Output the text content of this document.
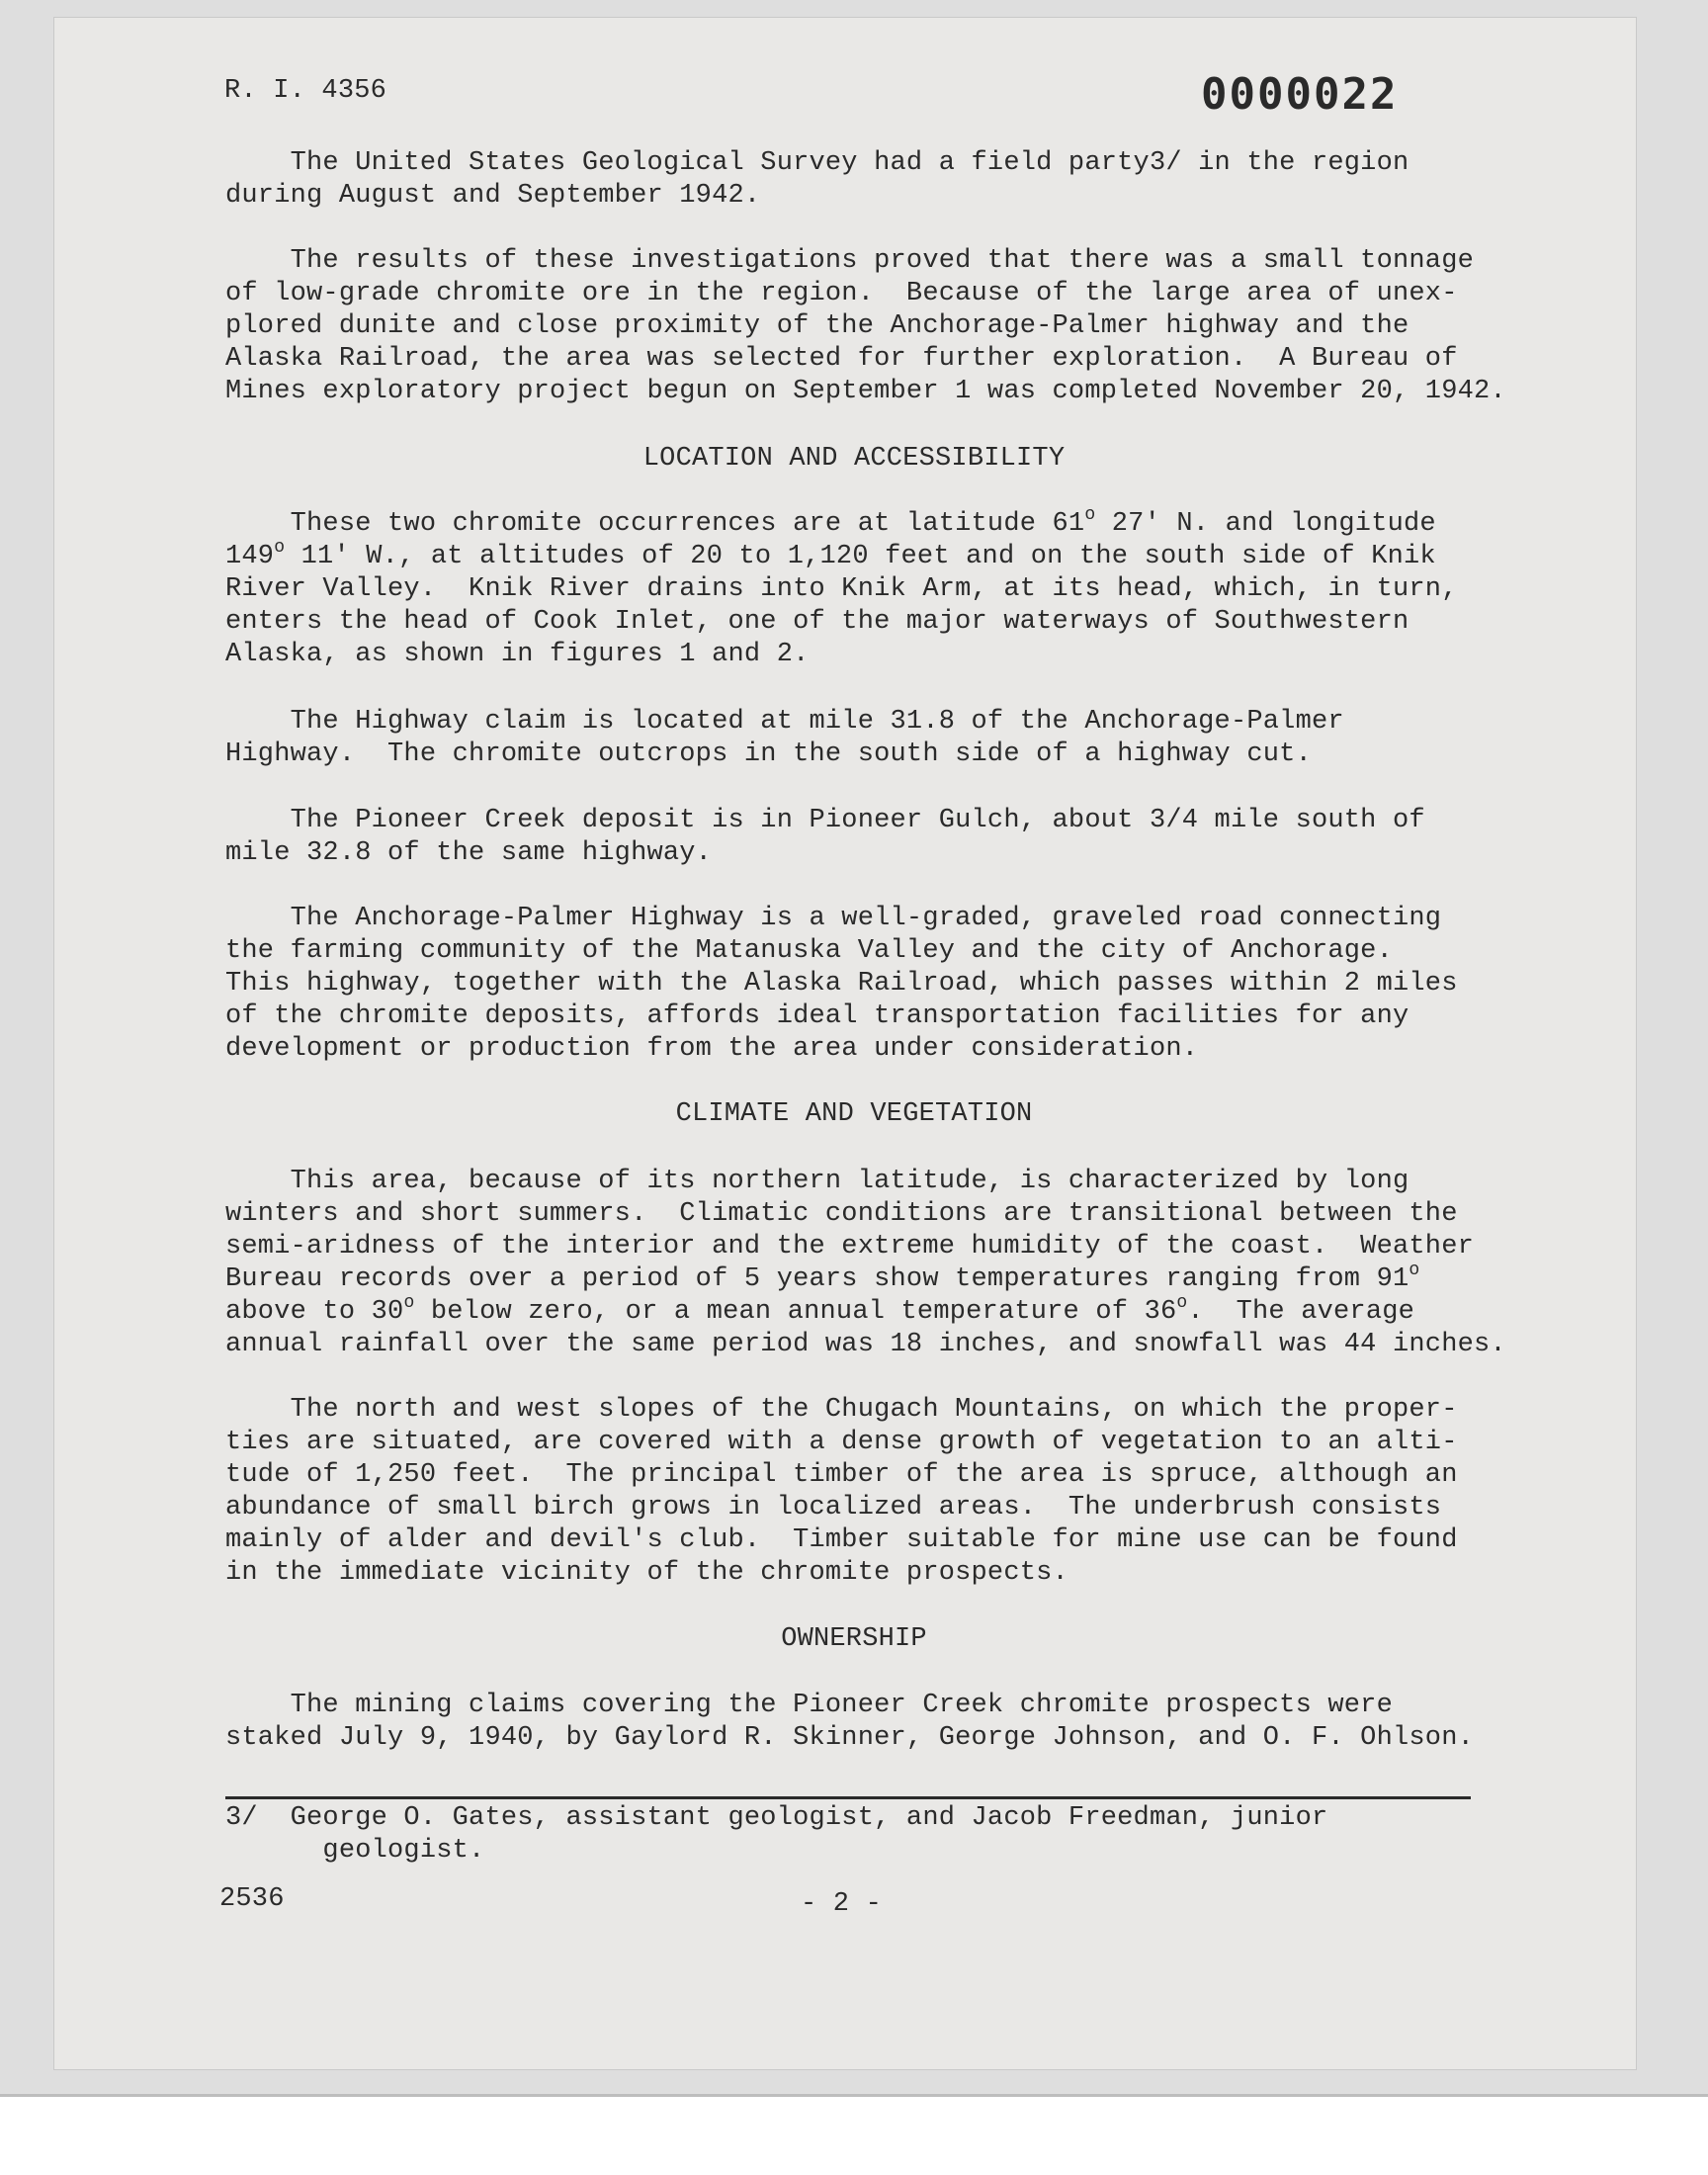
R. I. 4356	0000022
The United States Geological Survey had a field party3/ in the region
during August and September 1942.
The results of these investigations proved that there was a small tonnage
of low-grade chromite ore in the region.  Because of the large area of unex-
plored dunite and close proximity of the Anchorage-Palmer highway and the
Alaska Railroad, the area was selected for further exploration.  A Bureau of
Mines exploratory project begun on September 1 was completed November 20, 1942.
LOCATION AND ACCESSIBILITY
These two chromite occurrences are at latitude 61$^o$ 27' N. and longitude
149$^o$ 11' W., at altitudes of 20 to 1,120 feet and on the south side of Knik
River Valley.  Knik River drains into Knik Arm, at its head, which, in turn,
enters the head of Cook Inlet, one of the major waterways of Southwestern
Alaska, as shown in figures 1 and 2.
The Highway claim is located at mile 31.8 of the Anchorage-Palmer
Highway.  The chromite outcrops in the south side of a highway cut.
The Pioneer Creek deposit is in Pioneer Gulch, about 3/4 mile south of
mile 32.8 of the same highway.
The Anchorage-Palmer Highway is a well-graded, graveled road connecting
the farming community of the Matanuska Valley and the city of Anchorage.
This highway, together with the Alaska Railroad, which passes within 2 miles
of the chromite deposits, affords ideal transportation facilities for any
development or production from the area under consideration.
CLIMATE AND VEGETATION
This area, because of its northern latitude, is characterized by long
winters and short summers.  Climatic conditions are transitional between the
semi-aridness of the interior and the extreme humidity of the coast.  Weather
Bureau records over a period of 5 years show temperatures ranging from 91$^o$
above to 30$^o$ below zero, or a mean annual temperature of 36$^o$.  The average
annual rainfall over the same period was 18 inches, and snowfall was 44 inches.
The north and west slopes of the Chugach Mountains, on which the proper-
ties are situated, are covered with a dense growth of vegetation to an alti-
tude of 1,250 feet.  The principal timber of the area is spruce, although an
abundance of small birch grows in localized areas.  The underbrush consists
mainly of alder and devil's club.  Timber suitable for mine use can be found
in the immediate vicinity of the chromite prospects.
OWNERSHIP
The mining claims covering the Pioneer Creek chromite prospects were
staked July 9, 1940, by Gaylord R. Skinner, George Johnson, and O. F. Ohlson.
3/  George O. Gates, assistant geologist, and Jacob Freedman, junior
geologist.
2536	- 2 -
